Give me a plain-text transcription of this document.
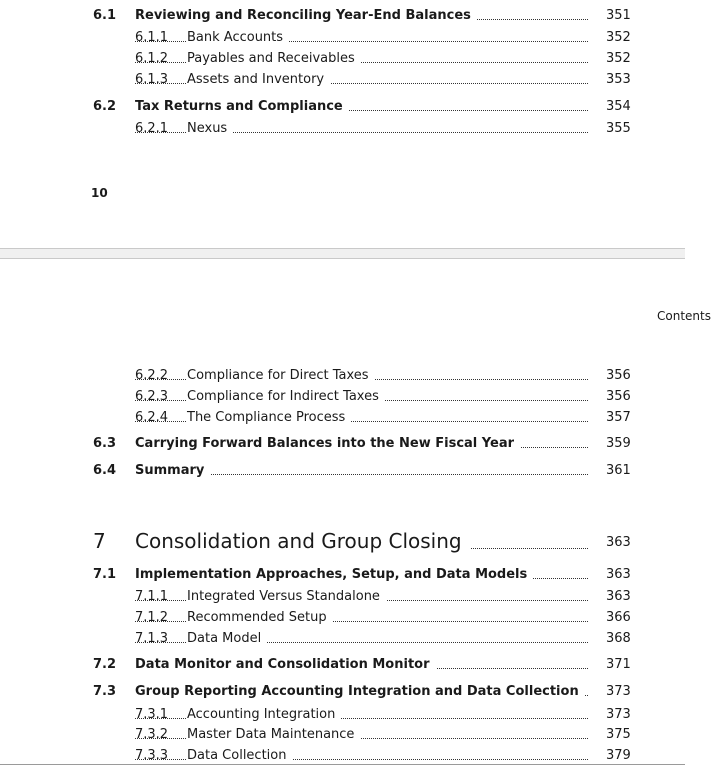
6.1 Reviewing and Reconciling Year-End Balances	351
6.1.1 Bank Accounts	352
6.1.2 Payables and Receivables	352
6.1.3 Assets and Inventory	353
6.2 Tax Returns and Compliance	354
6.2.1 Nexus	355
10
Contents
6.2.2 Compliance for Direct Taxes	356
6.2.3 Compliance for Indirect Taxes	356
6.2.4 The Compliance Process	357
6.3 Carrying Forward Balances into the New Fiscal Year	359
6.4 Summary	361
7 Consolidation and Group Closing	363
7.1 Implementation Approaches, Setup, and Data Models	363
7.1.1 Integrated Versus Standalone	363
7.1.2 Recommended Setup	366
7.1.3 Data Model	368
7.2 Data Monitor and Consolidation Monitor	371
7.3 Group Reporting Accounting Integration and Data Collection	373
7.3.1 Accounting Integration	373
7.3.2 Master Data Maintenance	375
7.3.3 Data Collection	379
